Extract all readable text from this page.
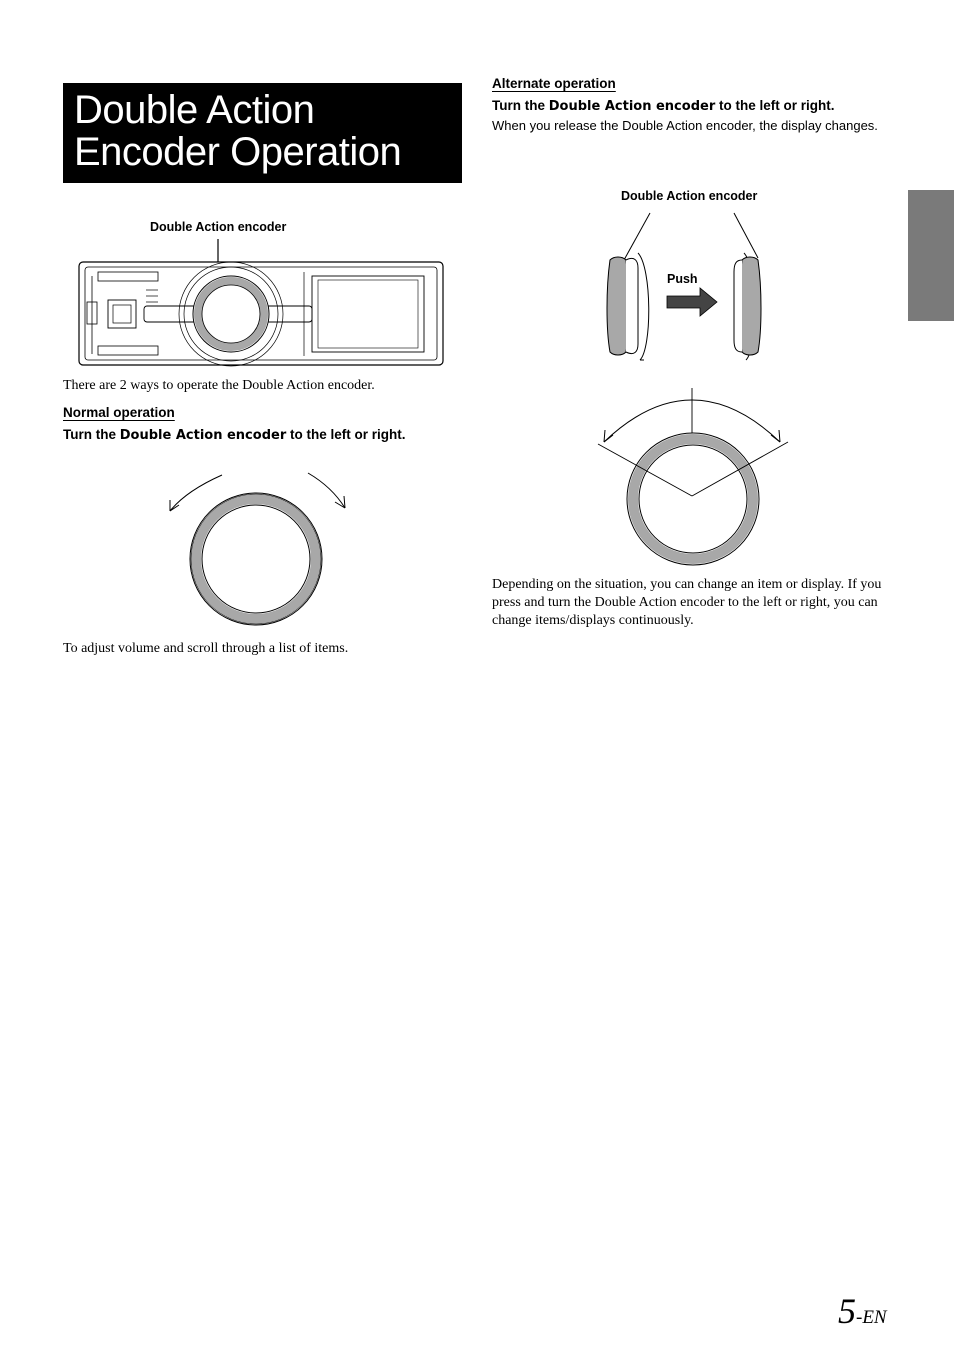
Double Action
Encoder Operation
Double Action encoder
There are 2 ways to operate the Double Action encoder.
Normal operation
Turn the Double Action encoder to the left or right.
To adjust volume and scroll through a list of items.
Alternate operation
Turn the Double Action encoder to the left or right.
When you release the Double Action encoder, the display changes.
Double Action encoder
Push
Depending on the situation, you can change an item or display. If you press and turn the Double Action encoder to the left or right, you can change items/displays continuously.
5-EN
